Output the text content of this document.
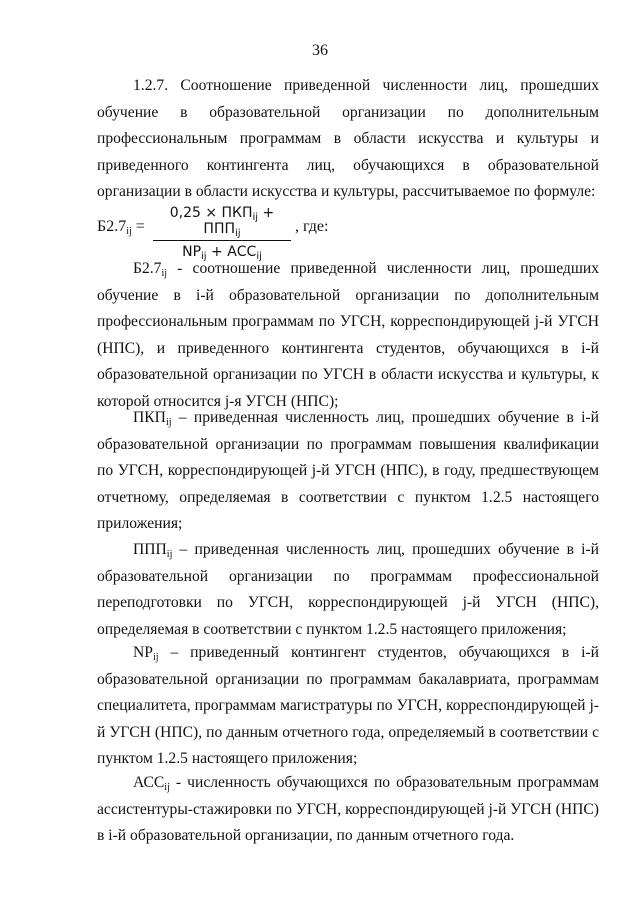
36

1.2.7. Соотношение приведенной численности лиц, прошедших обучение в образовательной организации по дополнительным профессиональным программам в области искусства и культуры и приведенного контингента лиц, обучающихся в образовательной организации в области искусства и культуры, рассчитываемое по формуле:

$Б2.7_{ij}$ =
$0,25 \times ПКП_{ij} + ППП_{ij}$
$NP_{ij} + АСС_{ij}$
, где:

$Б2.7_{ij}$ - соотношение приведенной численности лиц, прошедших обучение в i-й образовательной организации по дополнительным профессиональным программам по УГСН, корреспондирующей j-й УГСН (НПС), и приведенного контингента студентов, обучающихся в i-й образовательной организации по УГСН в области искусства и культуры, к которой относится j-я УГСН (НПС);

$ПКП_{ij}$ – приведенная численность лиц, прошедших обучение в i-й образовательной организации по программам повышения квалификации по УГСН, корреспондирующей j-й УГСН (НПС), в году, предшествующем отчетному, определяемая в соответствии с пунктом 1.2.5 настоящего приложения;

$ППП_{ij}$ – приведенная численность лиц, прошедших обучение в i-й образовательной организации по программам профессиональной переподготовки по УГСН, корреспондирующей j-й УГСН (НПС), определяемая в соответствии с пунктом 1.2.5 настоящего приложения;

$NP_{ij}$ – приведенный контингент студентов, обучающихся в i-й образовательной организации по программам бакалавриата, программам специалитета, программам магистратуры по УГСН, корреспондирующей j-й УГСН (НПС), по данным отчетного года, определяемый в соответствии с пунктом 1.2.5 настоящего приложения;

$АСС_{ij}$ - численность обучающихся по образовательным программам ассистентуры-стажировки по УГСН, корреспондирующей j-й УГСН (НПС) в i-й образовательной организации, по данным отчетного года.
